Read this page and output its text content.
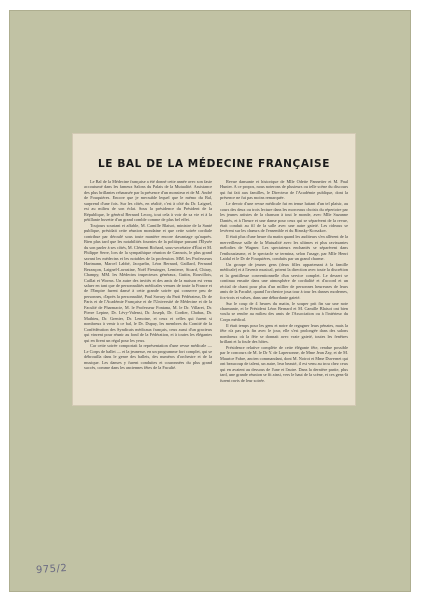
LE BAL DE LA MÉDECINE FRANÇAISE

Le Bal de la Médecine française a été donné cette année avec son faste accoutumé dans les fameux Salons du Palais de la Mutualité. Assistance des plus brillantes rehaussée par la présence d'un monsieur et de M. André de Fouquières. Encore que je mecsuble lequel que le mémo du Bal, surprend d'une fois. Sur les côtés, en réalité, c'est à côté du Dr. Laignel, est au milieu de son éclat. Sous la présidence du Président de la République, le général Bernard Lecoq, tout cela à voir de sa vie et à la pétillante buvette d'un grand comble comme de plus bel effet.

Toujours souriant et affable, M. Camille Blaisot, ministre de la Santé publique, présidait cette réunion mondaine et que cette soirée cordiale contribue par déroulé sous toute manière encore davantage qu'auprès. Bien plus tard que les notabilités fournies de la politique passant l'Élysée du son parler à ses côtés, M. Clément Richard, sous-secrétaire d'État et M. Philippe Serre, lors de la sympathique réunion de Cannois, le plus grand savant les médecins et les notables de la profession. MM. les Professeurs Hartmann, Marcel Labbé, Jacquelin, Léon Bernard, Gaillard, Fernand Bezançon, Laignel-Lavastine, Noël Fiessinger, Lemierre, Sicard, Chiray, Champy, MM. les Médecins inspecteurs généraux, Guttin, Rouvillois, Caillat et Worms. Un autre des invités et des amis de la maison est venu saluer en tant que de personnalités médicales venues de toute la France et de l'Empire furent dansé à cette grande soirée qui conserve peu de personnes, d'après la personnalité, Paul Savary du Parti Fédérateur, Dr de Paris et de l'Académie Française et de l'Université de Médecine et de la Faculté de Pharmacie, M. le Professeur Fontana, M. le Dr. Villaret, Dr. Pierre Lepine, Dr. Lévy-Valensi, Dr. Joseph, Dr. Cordier, Chabas, Dr. Mathieu, Dr. Grenier, Dr. Lemoine, et ceux et celles qui furent si nombreux à venir à ce bal, le Dr. Dupuy, les membres du Comité de la Confédération des Syndicats médicaux français, ceux aussi d'un gracieux qui vinrent pour réunir au fond de la Fédération, et à toutes les élégantes qui en firent un régal pour les yeux.

Car cette soirée comportait la représentation d'une revue médicale — Le Corps de ballet — et la jeunesse, en un programme fort complet, qui se débrouilla dans le genre des ballets, des numéros d'orchestre et de la musique. Les danses y furent conduites et couronnées du plus grand succès, comme dans les anciennes fêtes de la Faculté.

Revue dansante et historique de Mlle Odette Pannetier et M. Paul Hunier. A ce propos, nous noterons de plusieurs ou telle scène du discours qui fut fait aux familles, le Directeur de l'Académie publique, dont la présence ne fut pas moins remarquée.

Le devoir d'une revue médicale fut en tenue luttant d'un tel plaisir, au cours des deux ou trois lecture dans les morceaux choisis du répertoire par les jeunes artistes de la chanson à tout le monde, avec Mlle Suzanne Dantès, et à l'heure et une danse pour ceux qui se séparèrent de la revue, était conduit au fil de la salle avec une autre gaieté. Les rideaux se levèrent sur les chœurs de l'ensemble et du Rimsky-Korsakov.

Il était plus d'une heure du matin quand les auditeurs s'en allèrent de la merveilleuse salle de la Mutualité avec les ultimes et plus ravissantes mélodies de Wagner. Les spectateurs enchantés se séparèrent dans l'enthousiasme, et le spectacle se termina, selon l'usage, par Mlle Henri Laidal et le Dr de Fouquières, conduits par un grand charme.

Un groupe de jeunes gens (deux filles appartenant à la famille médicale) et à l'avenir musical, prirent la direction avec toute la discrétion et la gentillesse conventionnelle d'un service complet. Le dessert se continua ensuite dans une atmosphère de cordialité et d'accord et un récital de chant pour plus d'un millier de personnes heureuses de leurs amis de la Faculté, quand l'orchestre joua tour à tour les danses modernes, fox-trots et valses, dans une débordante gaieté.

Sur le coup de 4 heures du matin, le souper prit fin sur une note charmante, et le Président Léon Bernard et M. Camille Blaisot ont bien voulu se rendre au milieu des amis de l'Association ou à l'intérieur du Corps médical.

Il était temps pour les gens et notre de regagner leurs pénates, mais la fête n'a pas pris fin avec le jour, elle s'est prolongée dans des salons nombreux où la fête se donnait avec vraie gaieté, toutes les fenêtres brillant et la foule des hôtes.

Présidence relative complète de cette élégante fête, rendue possible par le concours de M. le Dr Y. de Lapersonne, de Mme Jean Zay, et de M. Maurice Fabre, ancien commandant, dont M. Noirot et Mme Duvernet qui ont beaucoup de talent, un autre, leur beauté, il est venu au trou chez ceux qui en avaient au dessous de l'une et l'autre. Dans la dernière partie, plus tard, une grande réunion se fit ainsi, vers le haut de la scène, et ces gens-là furent ravis de leur soirée.

975/2
